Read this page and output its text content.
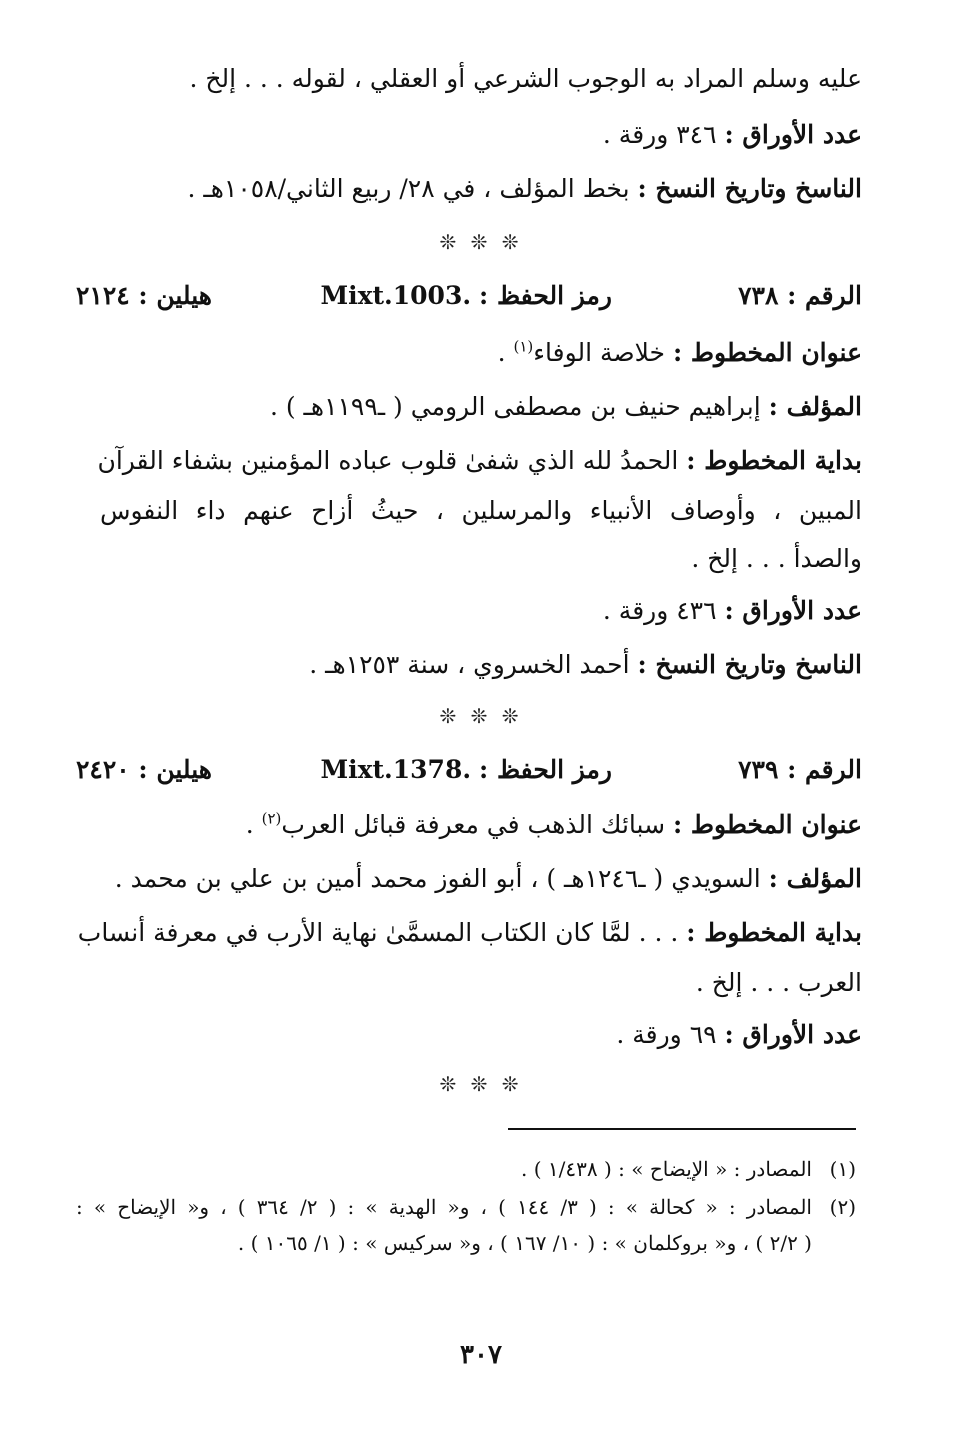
عليه وسلم المراد به الوجوب الشرعي أو العقلي ، لقوله . . . إلخ .
عدد الأوراق : ٣٤٦ ورقة .
الناسخ وتاريخ النسخ : بخط المؤلف ، في ٢٨/ ربيع الثاني/١٠٥٨هـ .
❊ ❊ ❊
الرقم : ٧٣٨
رمز الحفظ : Mixt.1003.
هيلين : ٢١٢٤
عنوان المخطوط : خلاصة الوفاء$^{(١)}$ .
المؤلف : إبراهيم حنيف بن مصطفى الرومي ( ـ١١٩٩هـ ) .
بداية المخطوط : الحمدُ لله الذي شفىٰ قلوب عباده المؤمنين بشفاء القرآن
المبين ، وأوصاف الأنبياء والمرسلين ، حيثُ أزاح عنهم داء النفوس
والصدأ . . . إلخ .
عدد الأوراق : ٤٣٦ ورقة .
الناسخ وتاريخ النسخ : أحمد الخسروي ، سنة ١٢٥٣هـ .
❊ ❊ ❊
الرقم : ٧٣٩
رمز الحفظ : Mixt.1378.
هيلين : ٢٤٢٠
عنوان المخطوط : سبائك الذهب في معرفة قبائل العرب$^{(٢)}$ .
المؤلف : السويدي ( ـ١٢٤٦هـ ) ، أبو الفوز محمد أمين بن علي بن محمد .
بداية المخطوط : . . . لمَّا كان الكتاب المسمَّىٰ نهاية الأرب في معرفة أنساب
العرب . . . إلخ .
عدد الأوراق : ٦٩ ورقة .
❊ ❊ ❊
(١)
المصادر : « الإيضاح » : ( ١/٤٣٨ ) .
(٢)
المصادر : « كحالة » : ( ٣/ ١٤٤ ) ، و« الهدية » : ( ٢/ ٣٦٤ ) ، و« الإيضاح » :
( ٢/٢ ) ، و« بروكلمان » : ( ١٠/ ١٦٧ ) ، و« سركيس » : ( ١/ ١٠٦٥ ) .
٣٠٧
